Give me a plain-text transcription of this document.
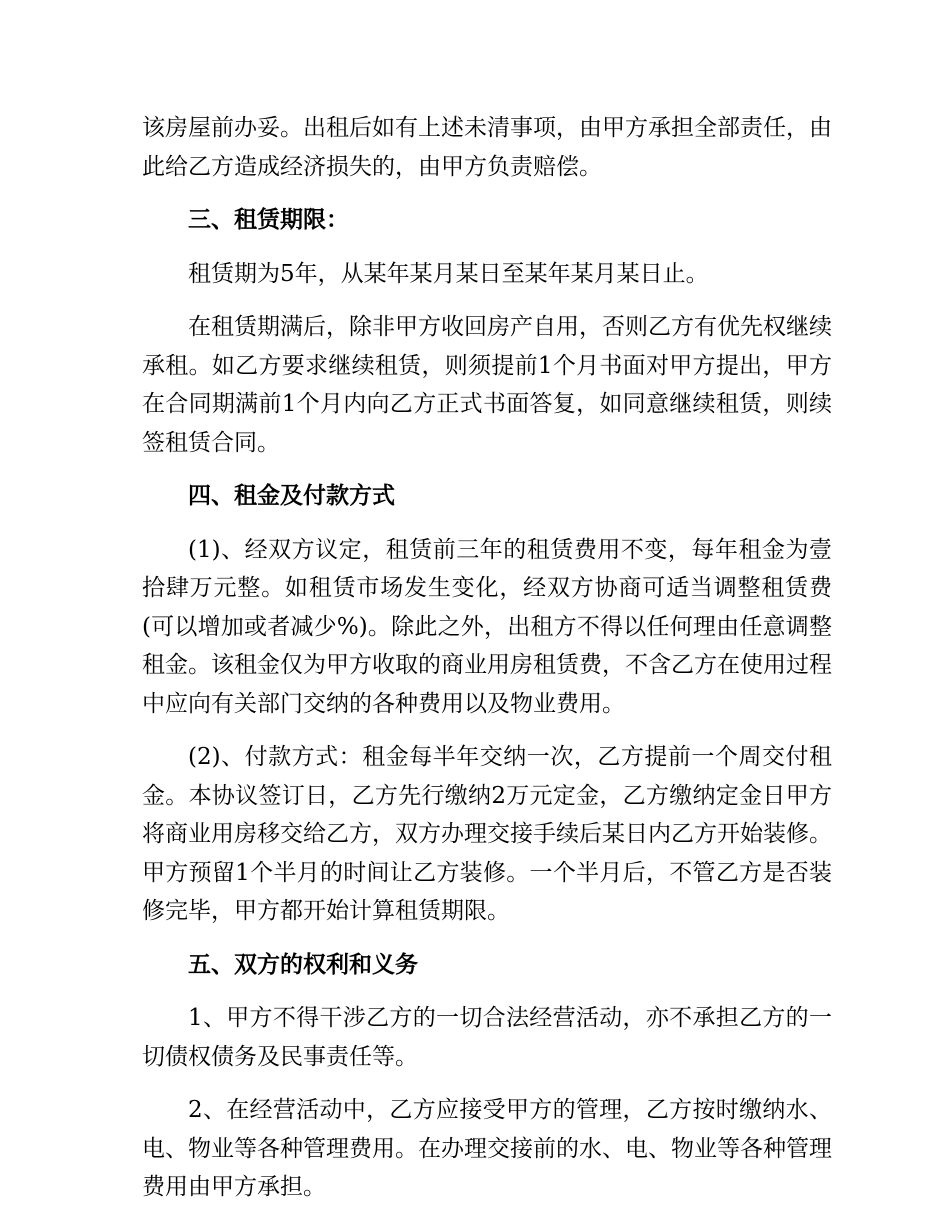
该房屋前办妥。出租后如有上述未清事项，由甲方承担全部责任，由此给乙方造成经济损失的，由甲方负责赔偿。

三、租赁期限：

租赁期为5年，从某年某月某日至某年某月某日止。

在租赁期满后，除非甲方收回房产自用，否则乙方有优先权继续承租。如乙方要求继续租赁，则须提前1个月书面对甲方提出，甲方在合同期满前1个月内向乙方正式书面答复，如同意继续租赁，则续签租赁合同。

四、租金及付款方式

(1)、经双方议定，租赁前三年的租赁费用不变，每年租金为壹拾肆万元整。如租赁市场发生变化，经双方协商可适当调整租赁费(可以增加或者减少%)。除此之外，出租方不得以任何理由任意调整租金。该租金仅为甲方收取的商业用房租赁费，不含乙方在使用过程中应向有关部门交纳的各种费用以及物业费用。

(2)、付款方式：租金每半年交纳一次，乙方提前一个周交付租金。本协议签订日，乙方先行缴纳2万元定金，乙方缴纳定金日甲方将商业用房移交给乙方，双方办理交接手续后某日内乙方开始装修。甲方预留1个半月的时间让乙方装修。一个半月后，不管乙方是否装修完毕，甲方都开始计算租赁期限。

五、双方的权利和义务

1、甲方不得干涉乙方的一切合法经营活动，亦不承担乙方的一切债权债务及民事责任等。

2、在经营活动中，乙方应接受甲方的管理，乙方按时缴纳水、电、物业等各种管理费用。在办理交接前的水、电、物业等各种管理费用由甲方承担。
